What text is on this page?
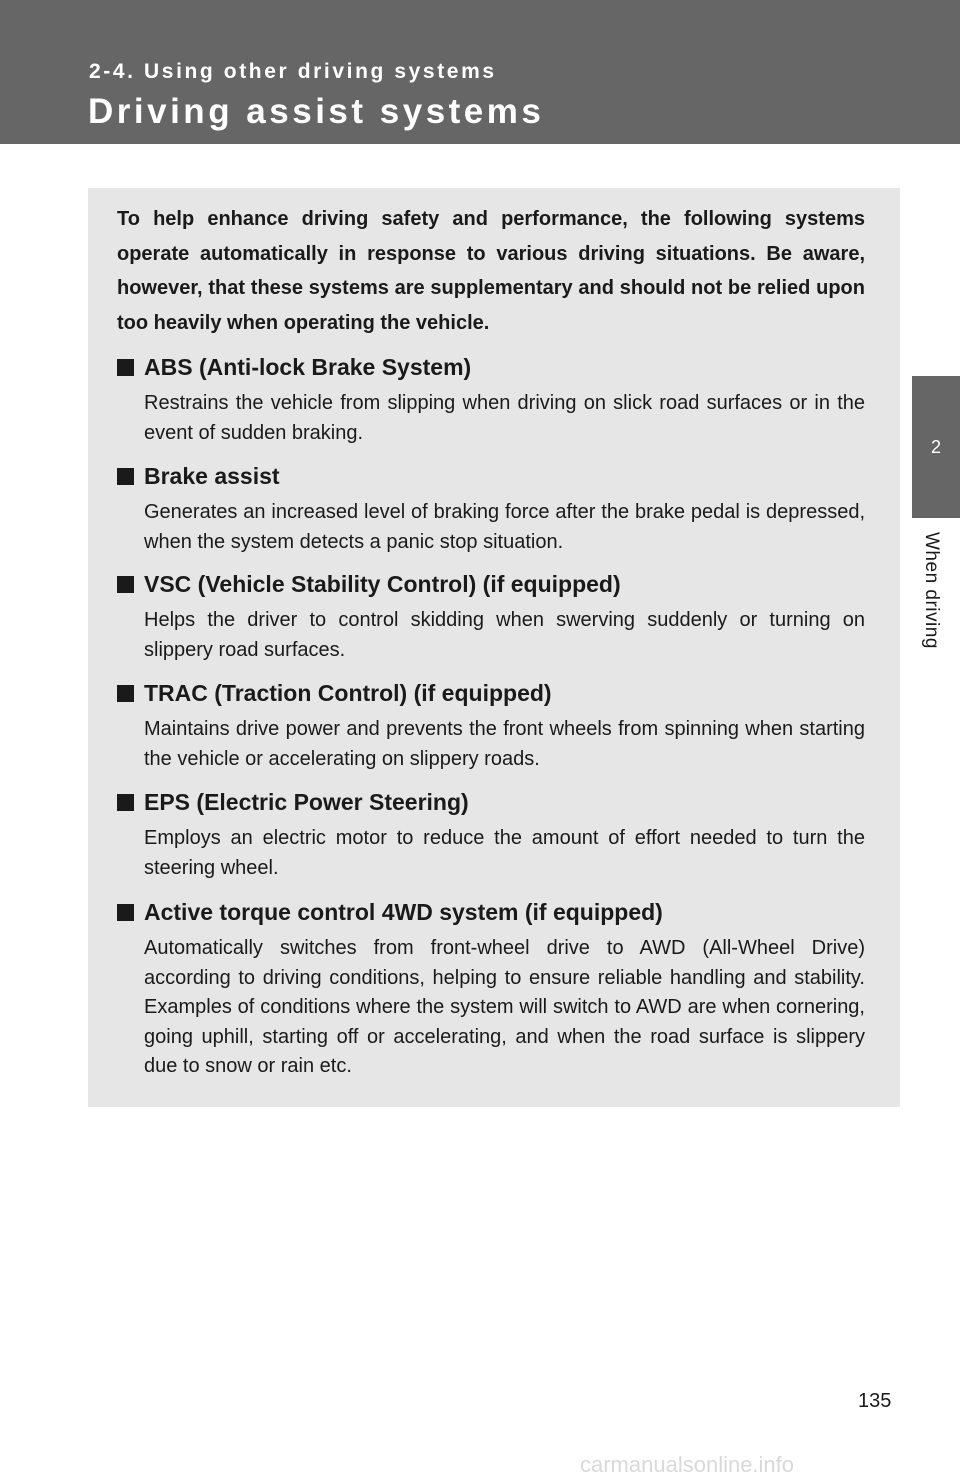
2-4. Using other driving systems
Driving assist systems
2
When driving
To help enhance driving safety and performance, the following systems operate automatically in response to various driving situations. Be aware, however, that these systems are supplementary and should not be relied upon too heavily when operating the vehicle.
ABS (Anti-lock Brake System)
Restrains the vehicle from slipping when driving on slick road surfaces or in the event of sudden braking.
Brake assist
Generates an increased level of braking force after the brake pedal is depressed, when the system detects a panic stop situation.
VSC (Vehicle Stability Control) (if equipped)
Helps the driver to control skidding when swerving suddenly or turning on slippery road surfaces.
TRAC (Traction Control) (if equipped)
Maintains drive power and prevents the front wheels from spinning when starting the vehicle or accelerating on slippery roads.
EPS (Electric Power Steering)
Employs an electric motor to reduce the amount of effort needed to turn the steering wheel.
Active torque control 4WD system (if equipped)
Automatically switches from front-wheel drive to AWD (All-Wheel Drive) according to driving conditions, helping to ensure reliable handling and stability. Examples of conditions where the system will switch to AWD are when cornering, going uphill, starting off or accelerating, and when the road surface is slippery due to snow or rain etc.
135
carmanualsonline.info
